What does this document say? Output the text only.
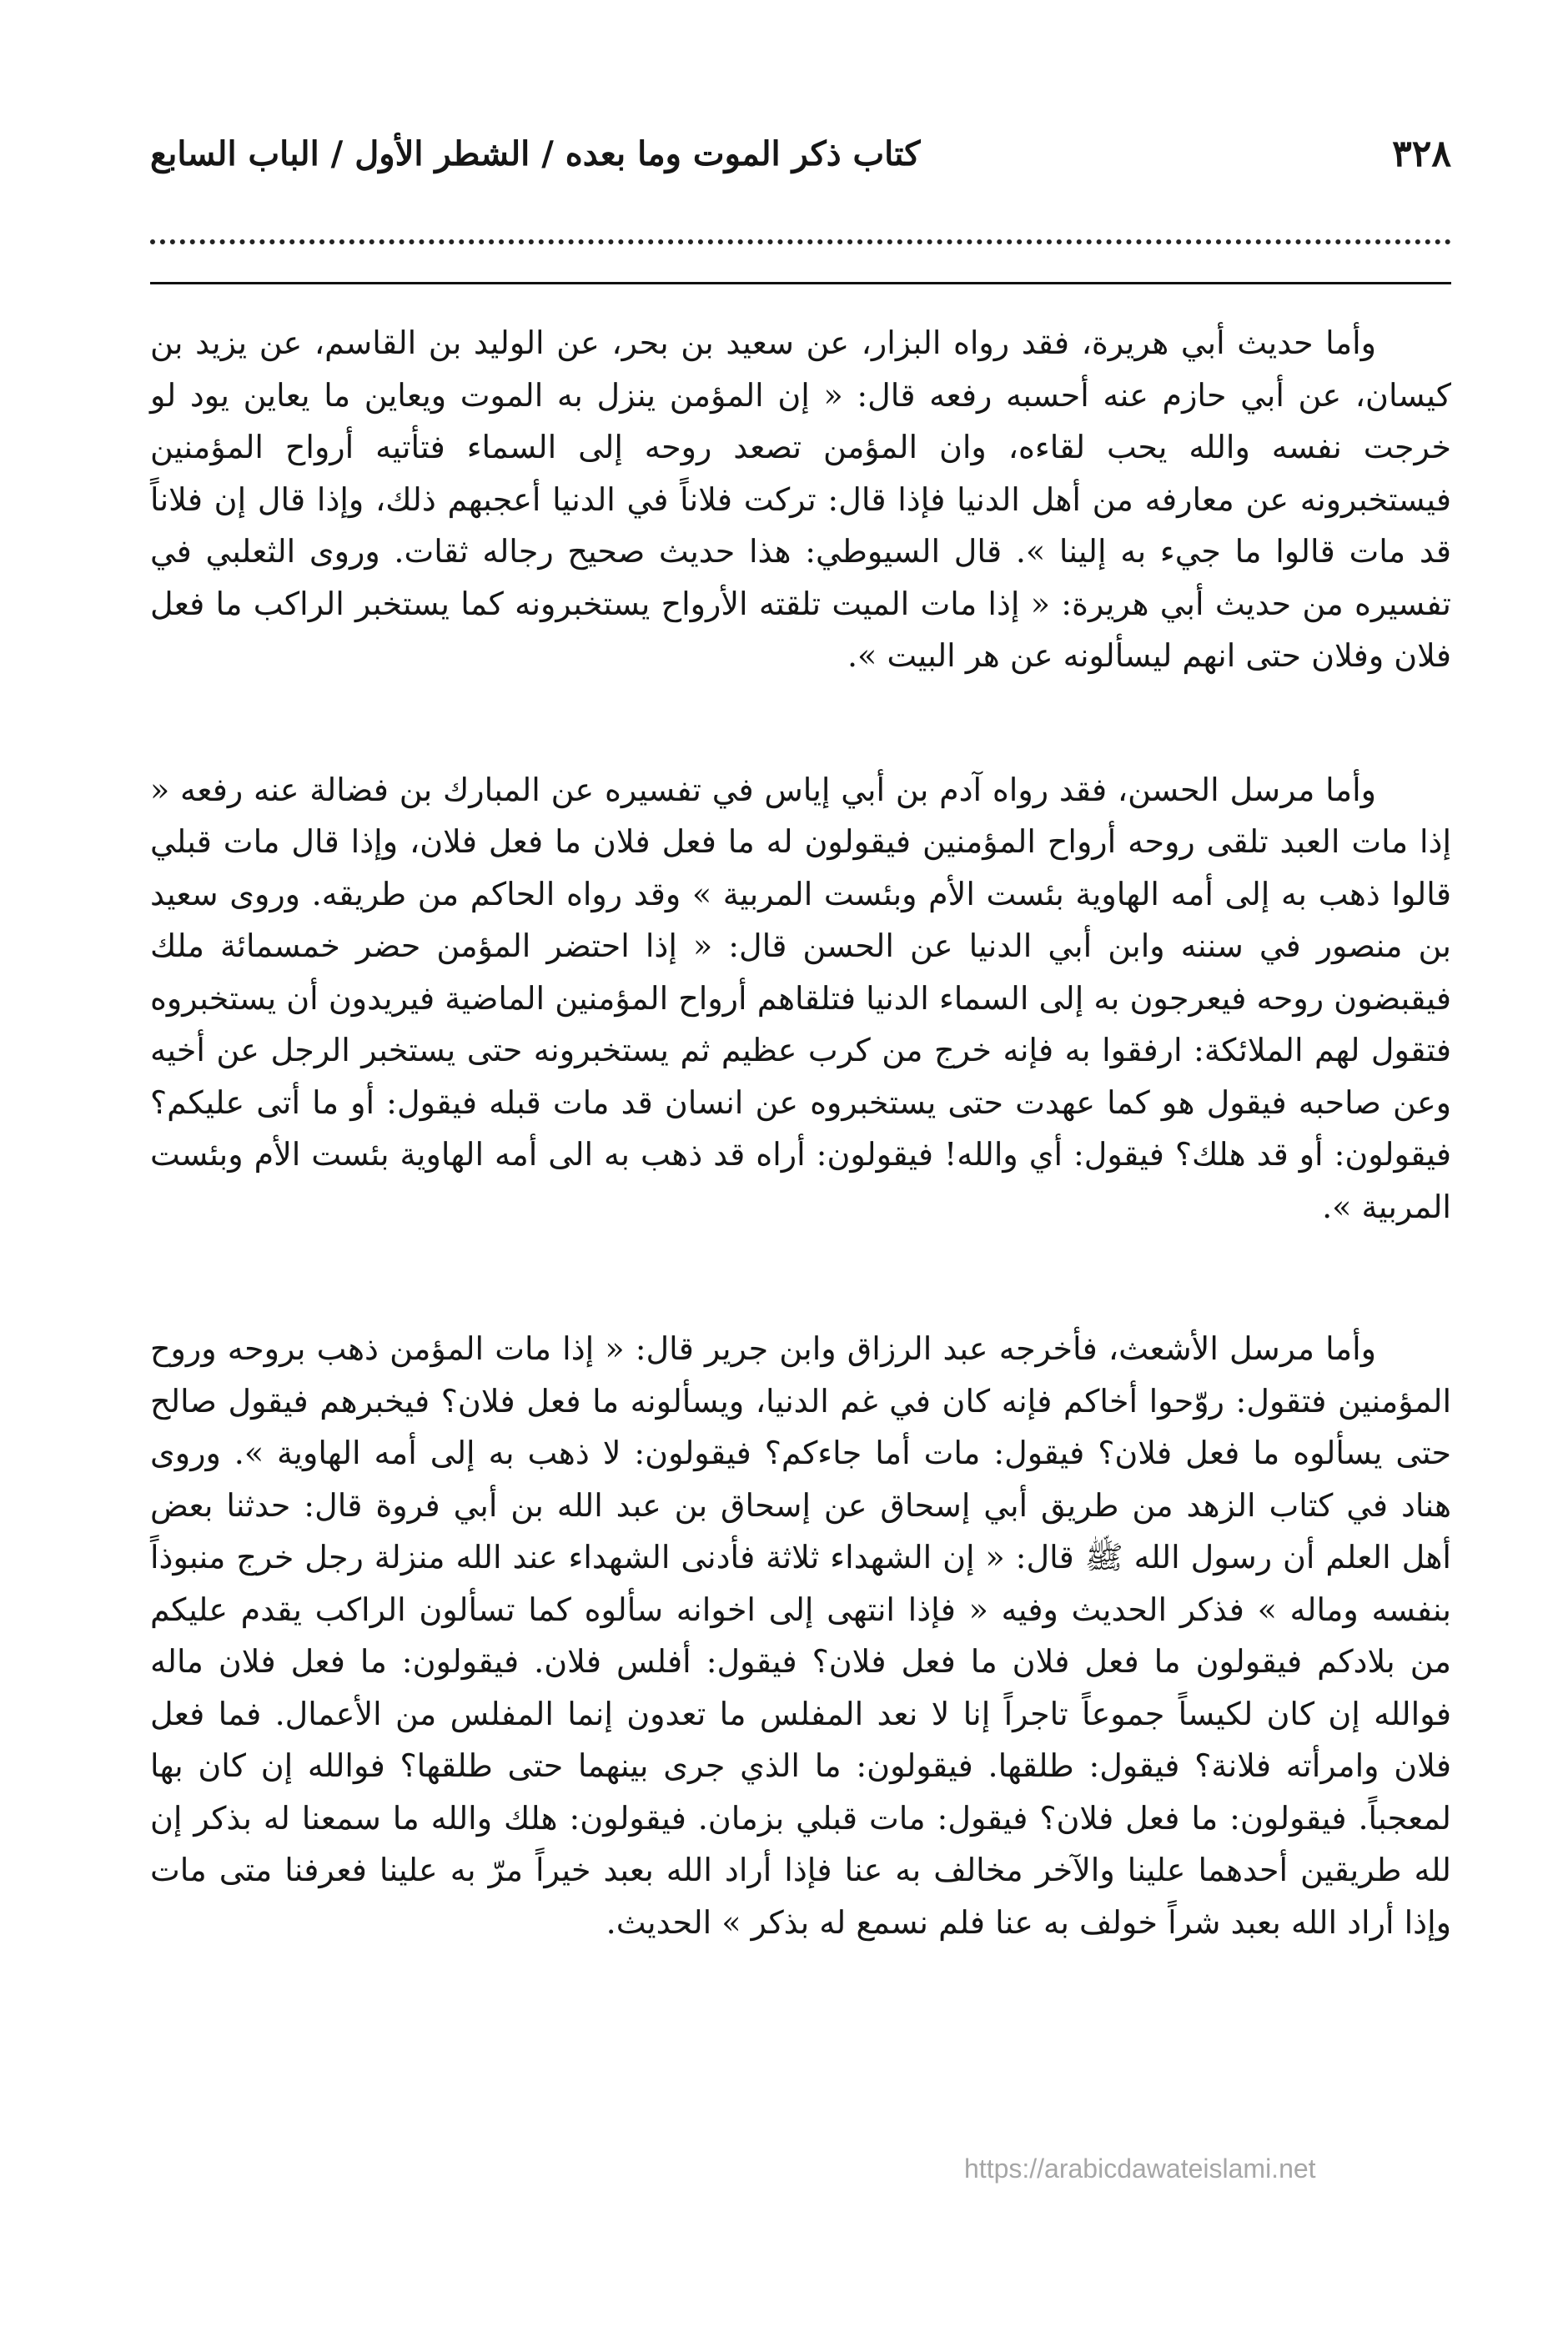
٣٢٨
كتاب ذكر الموت وما بعده / الشطر الأول / الباب السابع

وأما حديث أبي هريرة، فقد رواه البزار، عن سعيد بن بحر، عن الوليد بن القاسم، عن يزيد بن كيسان، عن أبي حازم عنه أحسبه رفعه قال: « إن المؤمن ينزل به الموت ويعاين ما يعاين يود لو خرجت نفسه والله يحب لقاءه، وان المؤمن تصعد روحه إلى السماء فتأتيه أرواح المؤمنين فيستخبرونه عن معارفه من أهل الدنيا فإذا قال: تركت فلاناً في الدنيا أعجبهم ذلك، وإذا قال إن فلاناً قد مات قالوا ما جيء به إلينا ». قال السيوطي: هذا حديث صحيح رجاله ثقات. وروى الثعلبي في تفسيره من حديث أبي هريرة: « إذا مات الميت تلقته الأرواح يستخبرونه كما يستخبر الراكب ما فعل فلان وفلان حتى انهم ليسألونه عن هر البيت ».

وأما مرسل الحسن، فقد رواه آدم بن أبي إياس في تفسيره عن المبارك بن فضالة عنه رفعه « إذا مات العبد تلقى روحه أرواح المؤمنين فيقولون له ما فعل فلان ما فعل فلان، وإذا قال مات قبلي قالوا ذهب به إلى أمه الهاوية بئست الأم وبئست المربية » وقد رواه الحاكم من طريقه. وروى سعيد بن منصور في سننه وابن أبي الدنيا عن الحسن قال: « إذا احتضر المؤمن حضر خمسمائة ملك فيقبضون روحه فيعرجون به إلى السماء الدنيا فتلقاهم أرواح المؤمنين الماضية فيريدون أن يستخبروه فتقول لهم الملائكة: ارفقوا به فإنه خرج من كرب عظيم ثم يستخبرونه حتى يستخبر الرجل عن أخيه وعن صاحبه فيقول هو كما عهدت حتى يستخبروه عن انسان قد مات قبله فيقول: أو ما أتى عليكم؟ فيقولون: أو قد هلك؟ فيقول: أي والله! فيقولون: أراه قد ذهب به الى أمه الهاوية بئست الأم وبئست المربية ».

وأما مرسل الأشعث، فأخرجه عبد الرزاق وابن جرير قال: « إذا مات المؤمن ذهب بروحه وروح المؤمنين فتقول: روّحوا أخاكم فإنه كان في غم الدنيا، ويسألونه ما فعل فلان؟ فيخبرهم فيقول صالح حتى يسألوه ما فعل فلان؟ فيقول: مات أما جاءكم؟ فيقولون: لا ذهب به إلى أمه الهاوية ». وروى هناد في كتاب الزهد من طريق أبي إسحاق عن إسحاق بن عبد الله بن أبي فروة قال: حدثنا بعض أهل العلم أن رسول الله ﷺ قال: « إن الشهداء ثلاثة فأدنى الشهداء عند الله منزلة رجل خرج منبوذاً بنفسه وماله » فذكر الحديث وفيه « فإذا انتهى إلى اخوانه سألوه كما تسألون الراكب يقدم عليكم من بلادكم فيقولون ما فعل فلان ما فعل فلان؟ فيقول: أفلس فلان. فيقولون: ما فعل فلان ماله فوالله إن كان لكيساً جموعاً تاجراً إنا لا نعد المفلس ما تعدون إنما المفلس من الأعمال. فما فعل فلان وامرأته فلانة؟ فيقول: طلقها. فيقولون: ما الذي جرى بينهما حتى طلقها؟ فوالله إن كان بها لمعجباً. فيقولون: ما فعل فلان؟ فيقول: مات قبلي بزمان. فيقولون: هلك والله ما سمعنا له بذكر إن لله طريقين أحدهما علينا والآخر مخالف به عنا فإذا أراد الله بعبد خيراً مرّ به علينا فعرفنا متى مات وإذا أراد الله بعبد شراً خولف به عنا فلم نسمع له بذكر » الحديث.

https://arabicdawateislami.net
